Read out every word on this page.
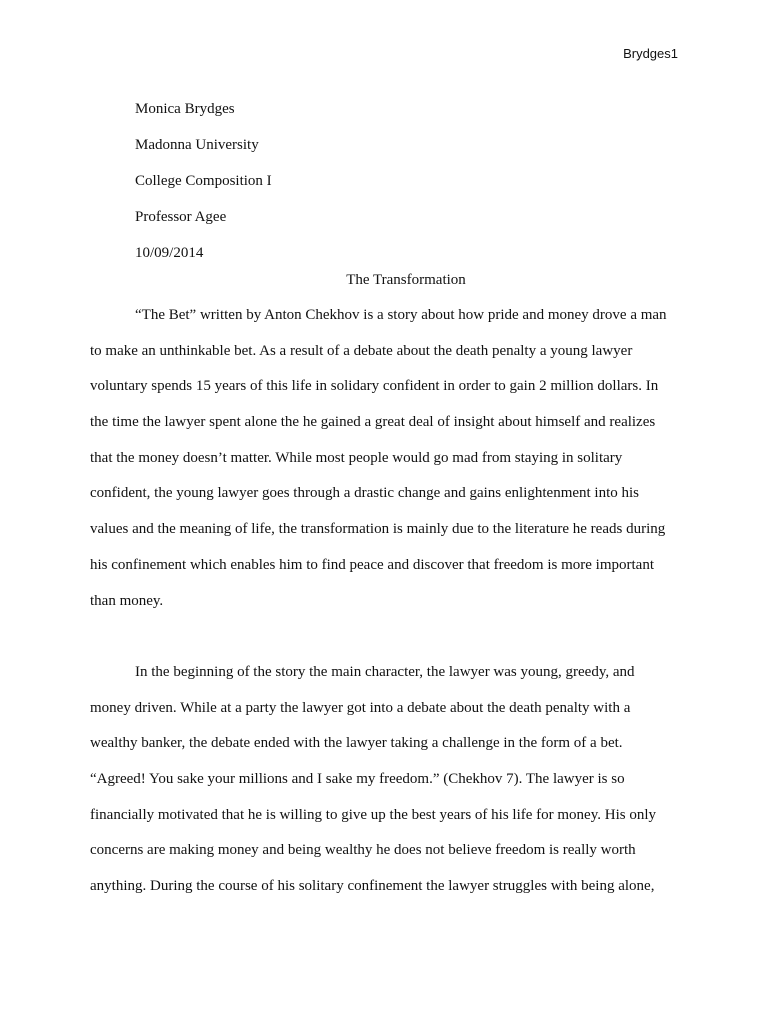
Brydges1
Monica Brydges
Madonna University
College Composition I
Professor Agee
10/09/2014
The Transformation
“The Bet” written by Anton Chekhov is a story about how pride and money drove a man
to make an unthinkable bet. As a result of a debate about the death penalty a young lawyer
voluntary spends 15 years of this life in solidary confident in order to gain 2 million dollars. In
the time the lawyer spent alone the he gained a great deal of insight about himself and realizes
that the money doesn’t matter. While most people would go mad from staying in solitary
confident, the young lawyer goes through a drastic change and gains enlightenment into his
values and the meaning of life, the transformation is mainly due to the literature he reads during
his confinement which enables him to find peace and discover that freedom is more important
than money.
In the beginning of the story the main character, the lawyer was young, greedy, and
money driven. While at a party the lawyer got into a debate about the death penalty with a
wealthy banker, the debate ended with the lawyer taking a challenge in the form of a bet.
“Agreed! You sake your millions and I sake my freedom.” (Chekhov 7). The lawyer is so
financially motivated that he is willing to give up the best years of his life for money. His only
concerns are making money and being wealthy he does not believe freedom is really worth
anything. During the course of his solitary confinement the lawyer struggles with being alone,
